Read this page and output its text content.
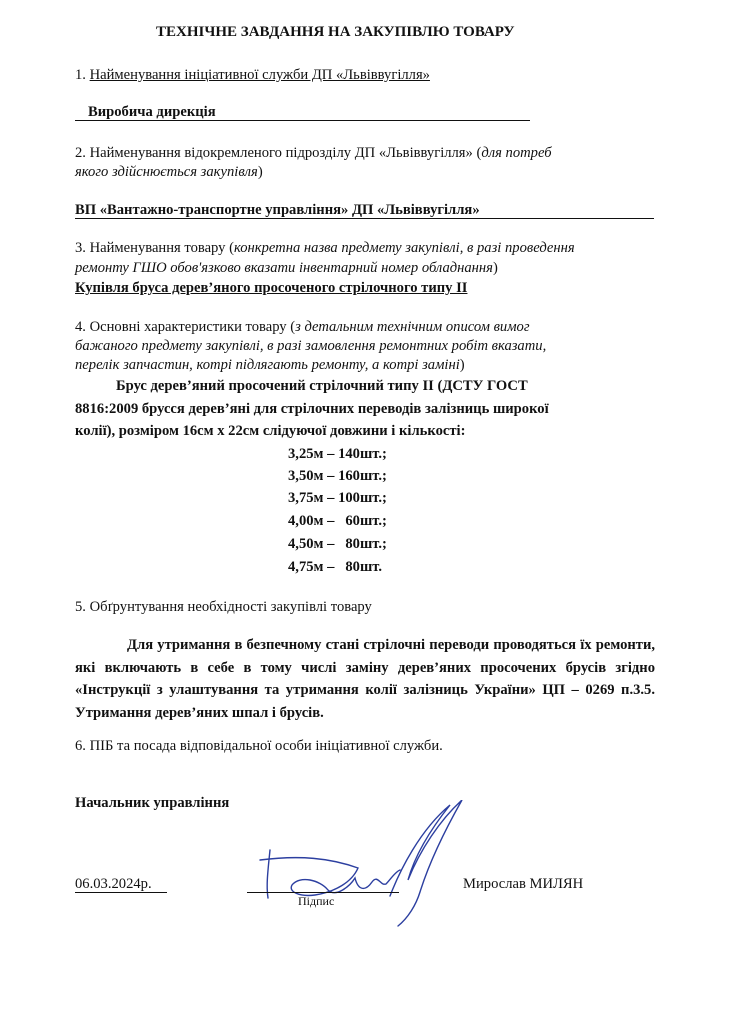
ТЕХНІЧНЕ ЗАВДАННЯ НА ЗАКУПІВЛЮ ТОВАРУ
1. Найменування ініціативної служби ДП «Львіввугілля»
Виробича дирекція
2. Найменування відокремленого підрозділу ДП «Львіввугілля» (для потреб
якого здійснюється закупівля)
ВП «Вантажно-транспортне управління» ДП «Львіввугілля»
3. Найменування товару (конкретна назва предмету закупівлі, в разі проведення
ремонту ГШО обов'язково вказати інвентарний номер обладнання)
Купівля бруса дерев’яного просоченого стрілочного типу ІІ
4. Основні характеристики товару (з детальним технічним описом вимог
бажаного предмету закупівлі, в разі замовлення ремонтних робіт вказати,
перелік запчастин, котрі підлягають ремонту, а котрі заміні)
Брус дерев’яний просочений стрілочний типу ІІ (ДСТУ ГОСТ
8816:2009 брусся дерев’яні для стрілочних переводів залізниць широкої
колії), розміром 16см х 22см слідуючої довжини і кількості:
3,25м – 140шт.;
3,50м – 160шт.;
3,75м – 100шт.;
4,00м –   60шт.;
4,50м –   80шт.;
4,75м –   80шт.
5. Обґрунтування необхідності закупівлі товару
Для утримання в безпечному стані стрілочні переводи проводяться їх ремонти, які включають в себе в тому числі заміну дерев’яних просочених брусів згідно «Інструкції з улаштування та утримання колії залізниць України» ЦП – 0269 п.3.5. Утримання дерев’яних шпал і брусів.
6. ПІБ та посада відповідальної особи ініціативної служби.
Начальник управління
06.03.2024р.
Підпис
Мирослав МИЛЯН
